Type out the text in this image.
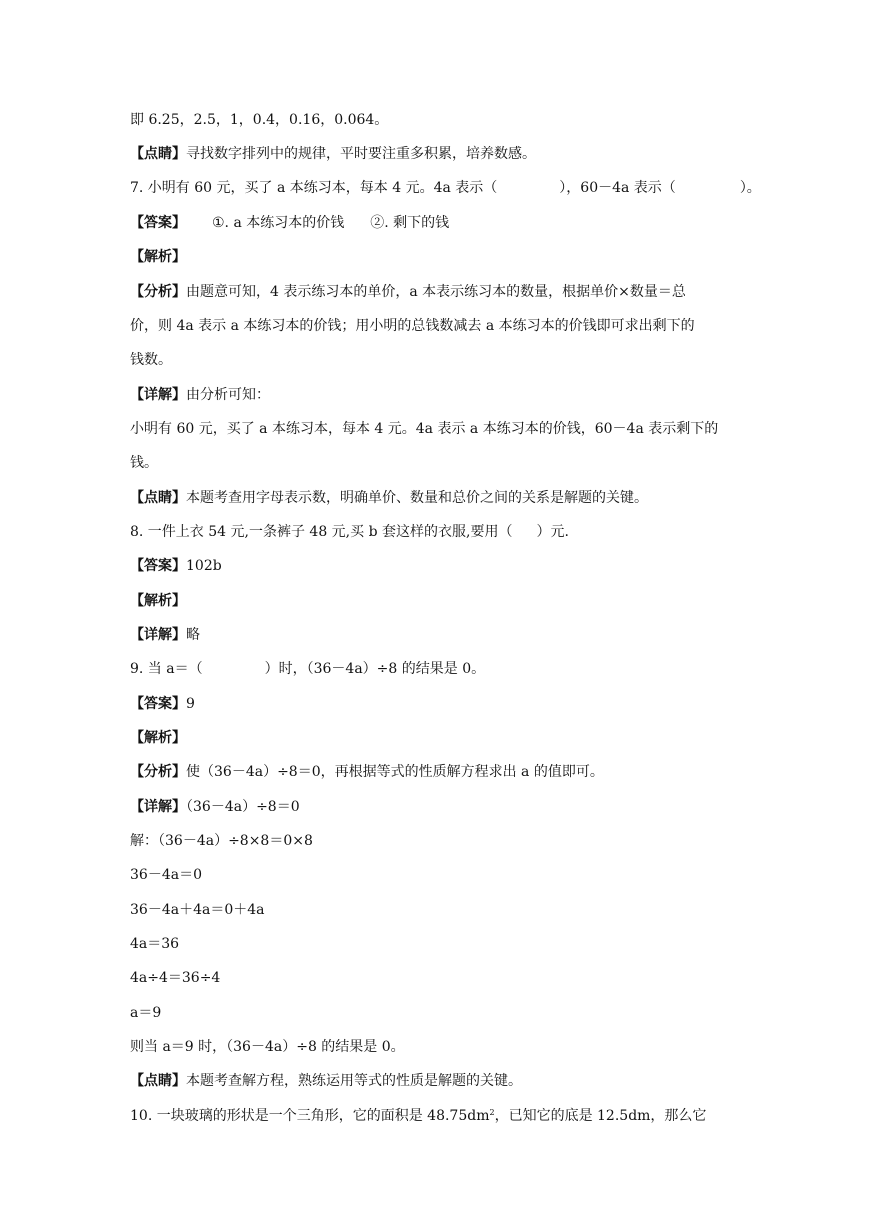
即 6.25，2.5，1，0.4，0.16，0.064。
【点睛】寻找数字排列中的规律，平时要注重多积累，培养数感。
7. 小明有 60 元，买了 a 本练习本，每本 4 元。4a 表示（	），60－4a 表示（	）。
【答案】 ①. a 本练习本的价钱 ②. 剩下的钱
【解析】
【分析】由题意可知，4 表示练习本的单价，a 本表示练习本的数量，根据单价×数量＝总
价，则 4a 表示 a 本练习本的价钱；用小明的总钱数减去 a 本练习本的价钱即可求出剩下的
钱数。
【详解】由分析可知：
小明有 60 元，买了 a 本练习本，每本 4 元。4a 表示 a 本练习本的价钱，60－4a 表示剩下的
钱。
【点睛】本题考查用字母表示数，明确单价、数量和总价之间的关系是解题的关键。
8. 一件上衣 54 元,一条裤子 48 元,买 b 套这样的衣服,要用（ ）元.
【答案】102b
【解析】
【详解】略
9. 当 a＝（	）时，（36－4a）÷8 的结果是 0。
【答案】9
【解析】
【分析】使（36－4a）÷8＝0，再根据等式的性质解方程求出 a 的值即可。
【详解】（36－4a）÷8＝0
解：（36－4a）÷8×8＝0×8
36－4a＝0
36－4a＋4a＝0＋4a
4a＝36
4a÷4＝36÷4
a＝9
则当 a＝9 时，（36－4a）÷8 的结果是 0。
【点睛】本题考查解方程，熟练运用等式的性质是解题的关键。
10. 一块玻璃的形状是一个三角形，它的面积是 $48.75dm^2$，已知它的底是 12.5dm，那么它
